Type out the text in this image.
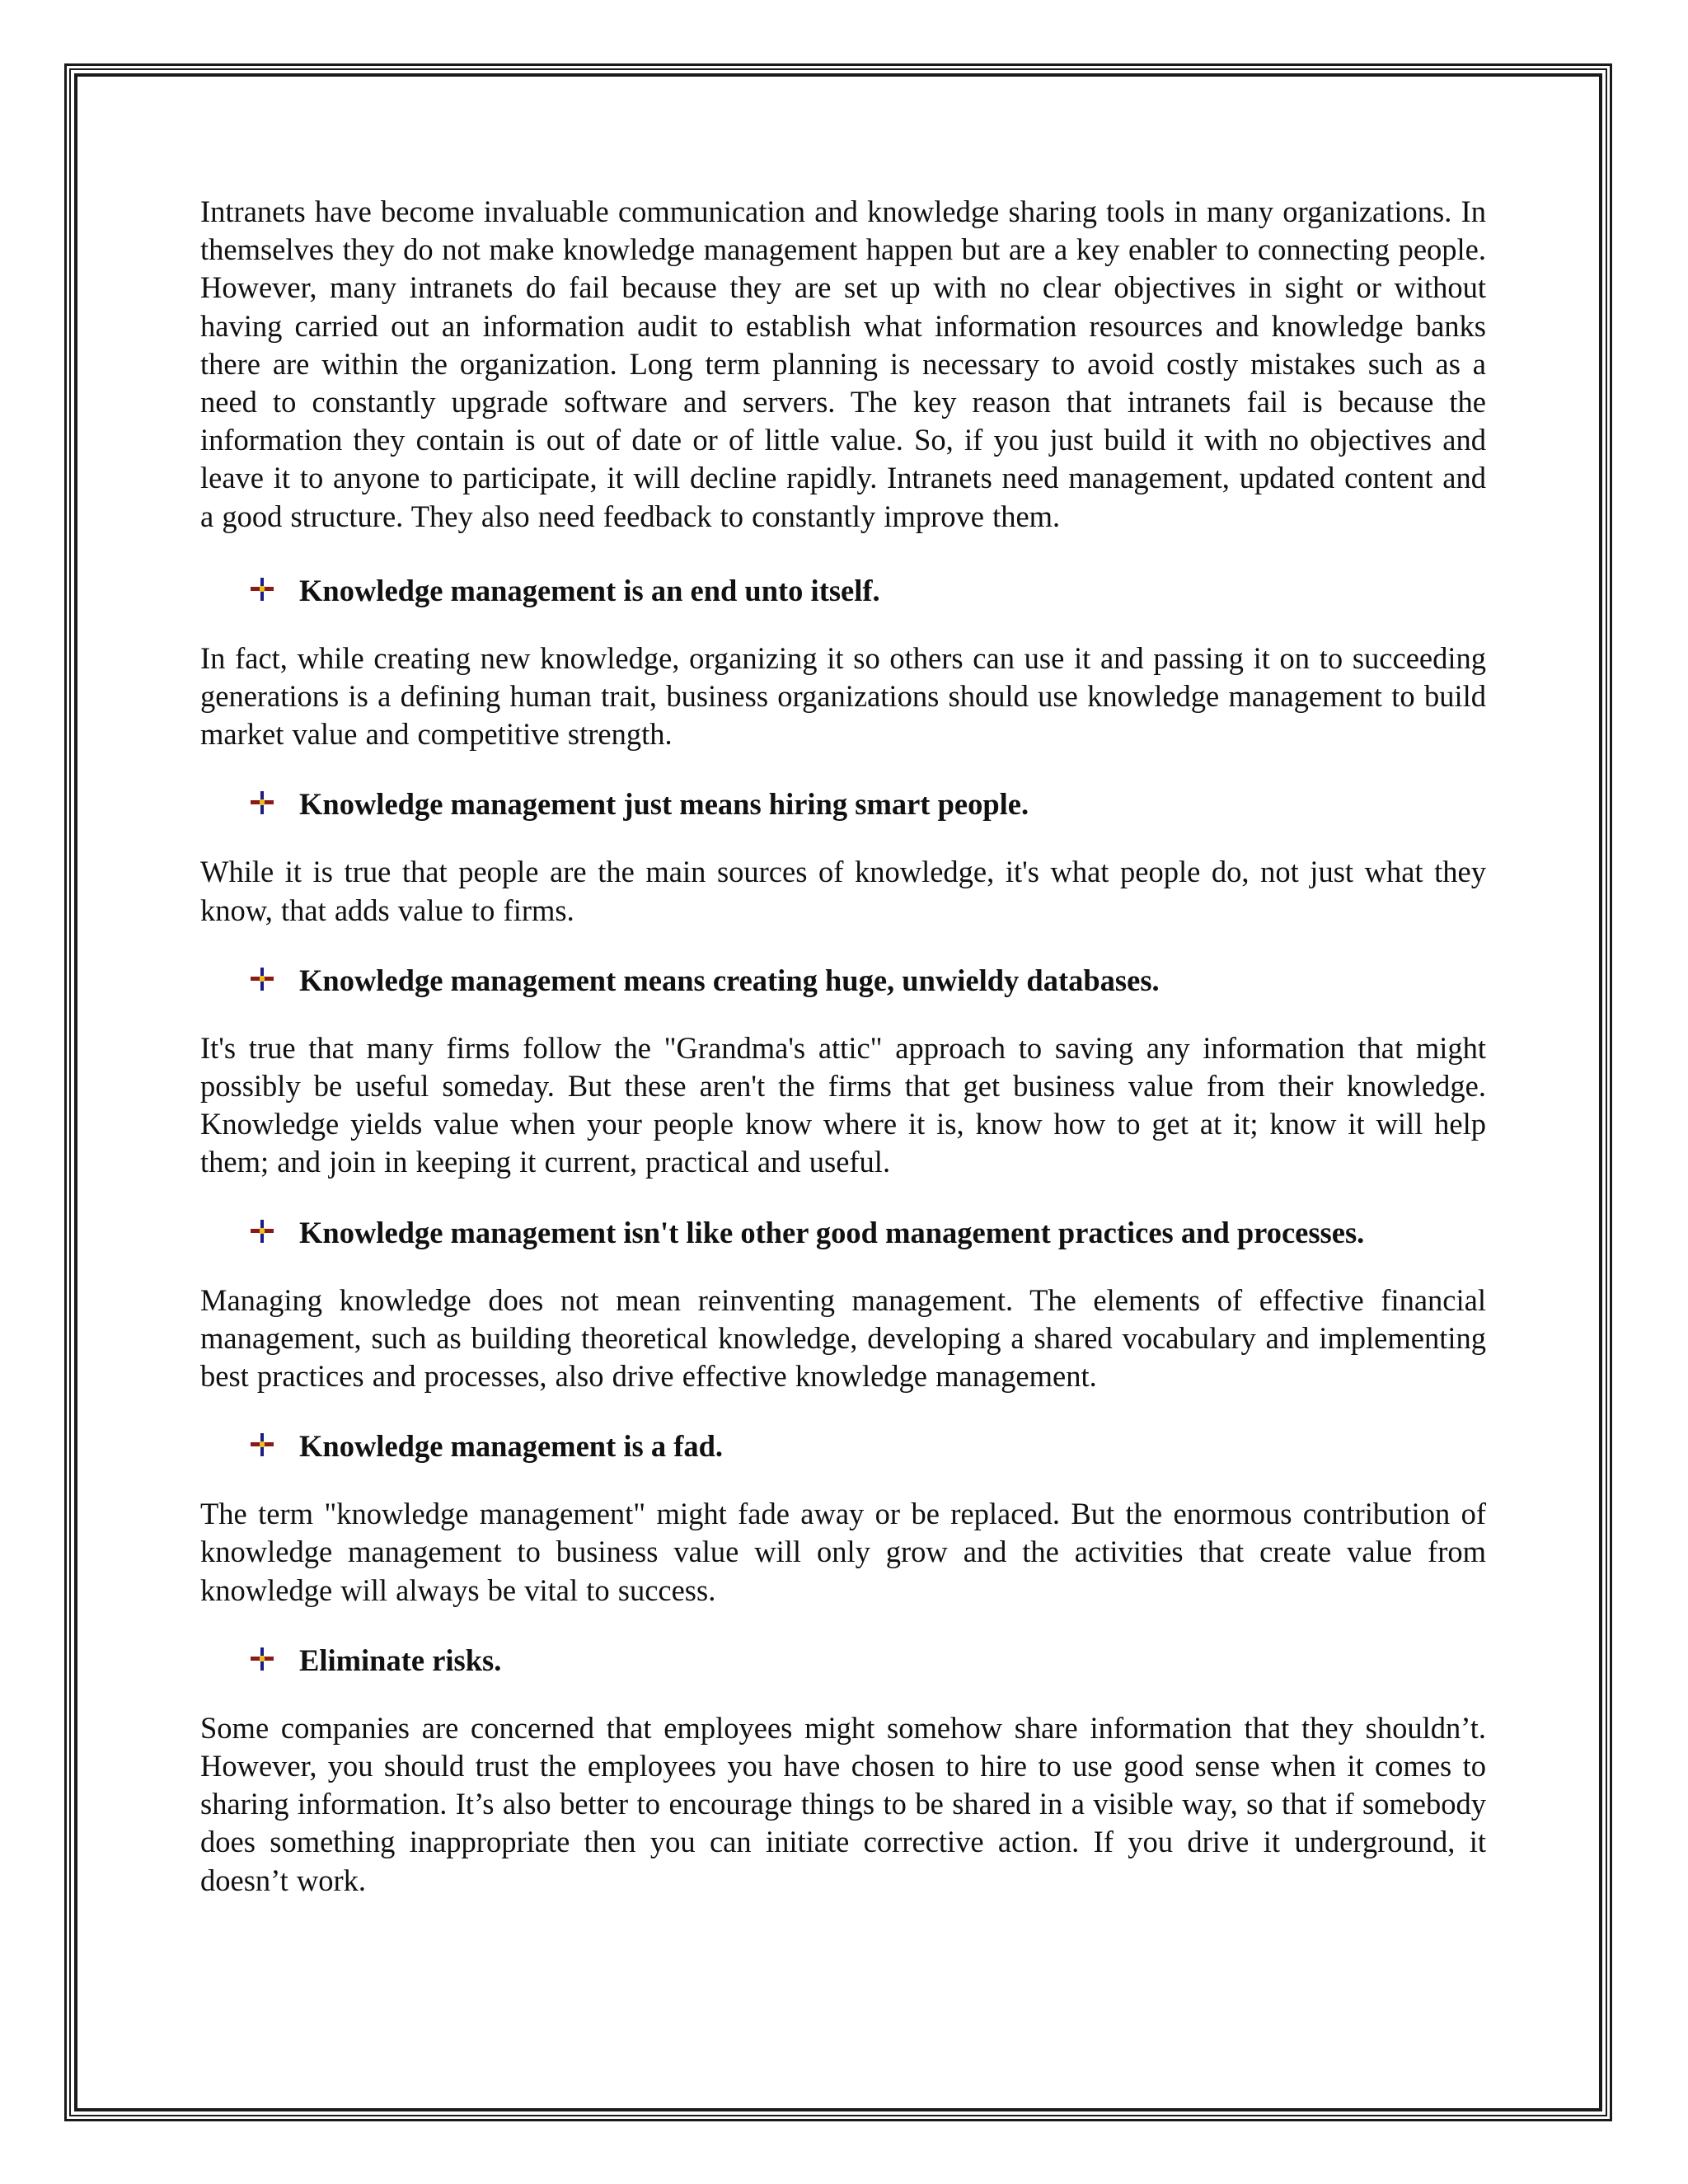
Intranets have become invaluable communication and knowledge sharing tools in many organizations. In themselves they do not make knowledge management happen but are a key enabler to connecting people. However, many intranets do fail because they are set up with no clear objectives in sight or without having carried out an information audit to establish what information resources and knowledge banks there are within the organization. Long term planning is necessary to avoid costly mistakes such as a need to constantly upgrade software and servers. The key reason that intranets fail is because the information they contain is out of date or of little value. So, if you just build it with no objectives and leave it to anyone to participate, it will decline rapidly. Intranets need management, updated content and a good structure. They also need feedback to constantly improve them.

Knowledge management is an end unto itself.

In fact, while creating new knowledge, organizing it so others can use it and passing it on to succeeding generations is a defining human trait, business organizations should use knowledge management to build market value and competitive strength.

Knowledge management just means hiring smart people.

While it is true that people are the main sources of knowledge, it's what people do, not just what they know, that adds value to firms.

Knowledge management means creating huge, unwieldy databases.

It's true that many firms follow the "Grandma's attic" approach to saving any information that might possibly be useful someday. But these aren't the firms that get business value from their knowledge. Knowledge yields value when your people know where it is, know how to get at it; know it will help them; and join in keeping it current, practical and useful.

Knowledge management isn't like other good management practices and processes.

Managing knowledge does not mean reinventing management. The elements of effective financial management, such as building theoretical knowledge, developing a shared vocabulary and implementing best practices and processes, also drive effective knowledge management.

Knowledge management is a fad.

The term "knowledge management" might fade away or be replaced. But the enormous contribution of knowledge management to business value will only grow and the activities that create value from knowledge will always be vital to success.

Eliminate risks.

Some companies are concerned that employees might somehow share information that they shouldn’t. However, you should trust the employees you have chosen to hire to use good sense when it comes to sharing information. It’s also better to encourage things to be shared in a visible way, so that if somebody does something inappropriate then you can initiate corrective action. If you drive it underground, it doesn’t work.
